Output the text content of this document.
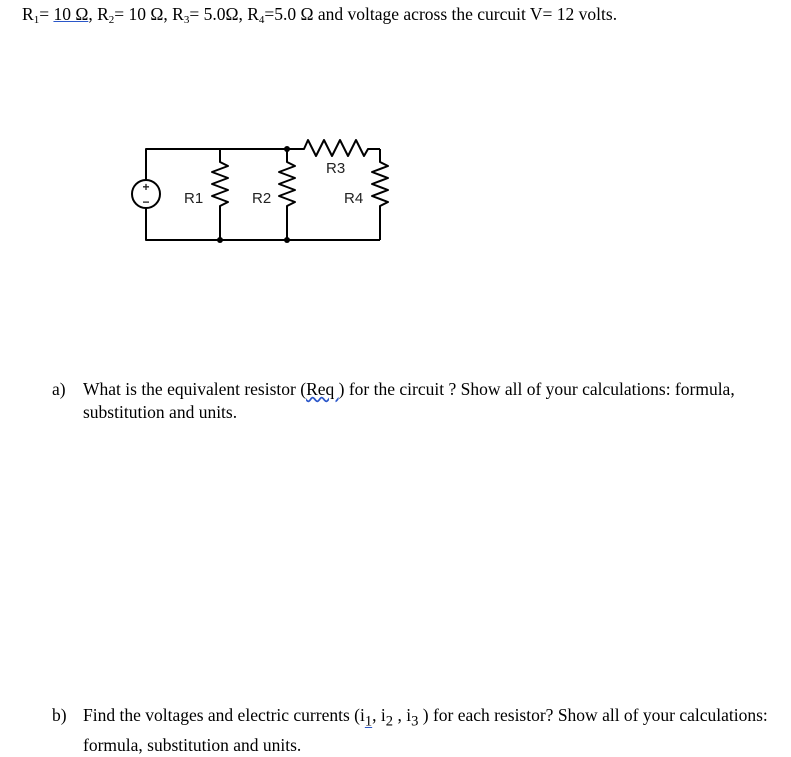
$R_1= 10$ Ω, $R_2= 10$ Ω, $R_3= 5.0\Omega$, $R_4=5.0$ Ω and voltage across the curcuit V= 12 volts.
+
− R1	R2
R3
R4
a) What is the equivalent resistor (Req ) for the circuit ? Show all of your calculations: formula, substitution and units.
b) Find the voltages and electric currents ($i_1$, $i_2$ , $i_3$ ) for each resistor? Show all of your calculations: formula, substitution and units.
